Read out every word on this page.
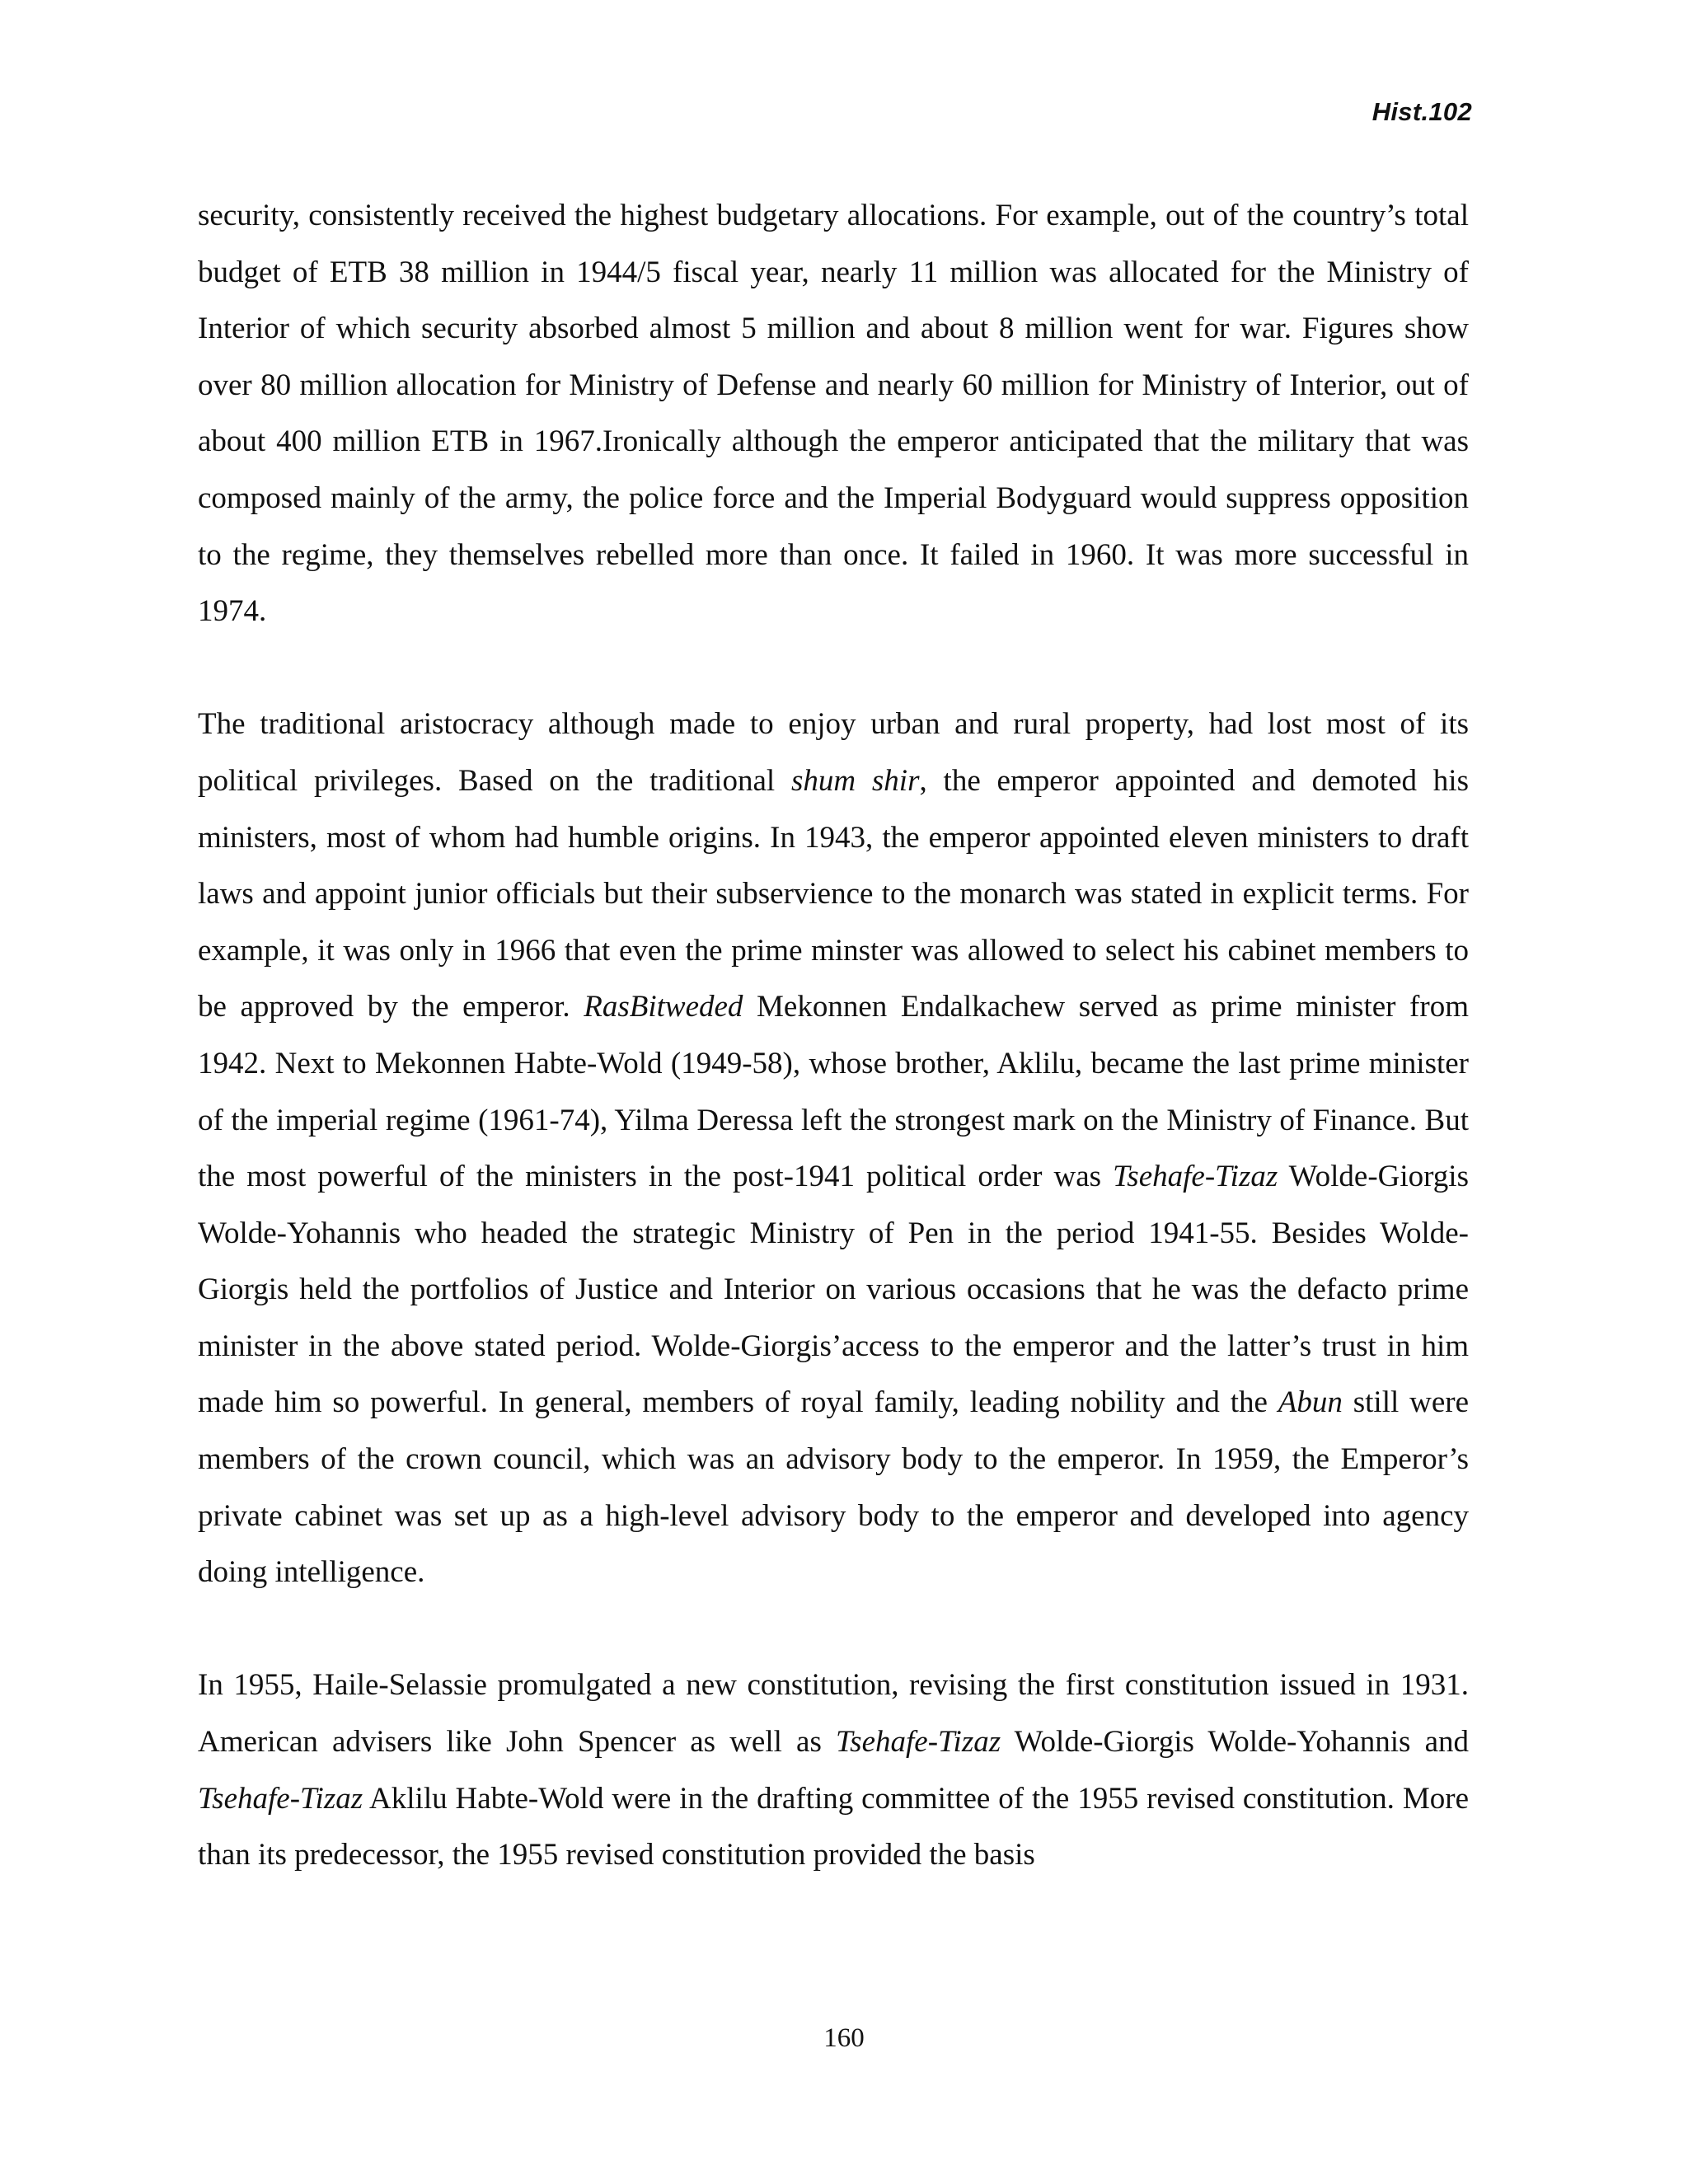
Hist.102

security, consistently received the highest budgetary allocations. For example, out of the country’s total budget of ETB 38 million in 1944/5 fiscal year, nearly 11 million was allocated for the Ministry of Interior of which security absorbed almost 5 million and about 8 million went for war. Figures show over 80 million allocation for Ministry of Defense and nearly 60 million for Ministry of Interior, out of about 400 million ETB in 1967.Ironically although the emperor anticipated that the military that was composed mainly of the army, the police force and the Imperial Bodyguard would suppress opposition to the regime, they themselves rebelled more than once. It failed in 1960. It was more successful in 1974.

The traditional aristocracy although made to enjoy urban and rural property, had lost most of its political privileges. Based on the traditional shum shir, the emperor appointed and demoted his ministers, most of whom had humble origins. In 1943, the emperor appointed eleven ministers to draft laws and appoint junior officials but their subservience to the monarch was stated in explicit terms. For example, it was only in 1966 that even the prime minster was allowed to select his cabinet members to be approved by the emperor. RasBitweded Mekonnen Endalkachew served as prime minister from 1942. Next to Mekonnen Habte-Wold (1949-58), whose brother, Aklilu, became the last prime minister of the imperial regime (1961-74), Yilma Deressa left the strongest mark on the Ministry of Finance. But the most powerful of the ministers in the post-1941 political order was Tsehafe-Tizaz Wolde-Giorgis Wolde-Yohannis who headed the strategic Ministry of Pen in the period 1941-55. Besides Wolde-Giorgis held the portfolios of Justice and Interior on various occasions that he was the defacto prime minister in the above stated period. Wolde-Giorgis’access to the emperor and the latter’s trust in him made him so powerful. In general, members of royal family, leading nobility and the Abun still were members of the crown council, which was an advisory body to the emperor. In 1959, the Emperor’s private cabinet was set up as a high-level advisory body to the emperor and developed into agency doing intelligence.

In 1955, Haile-Selassie promulgated a new constitution, revising the first constitution issued in 1931. American advisers like John Spencer as well as Tsehafe-Tizaz Wolde-Giorgis Wolde-Yohannis and Tsehafe-Tizaz Aklilu Habte-Wold were in the drafting committee of the 1955 revised constitution. More than its predecessor, the 1955 revised constitution provided the basis

160
